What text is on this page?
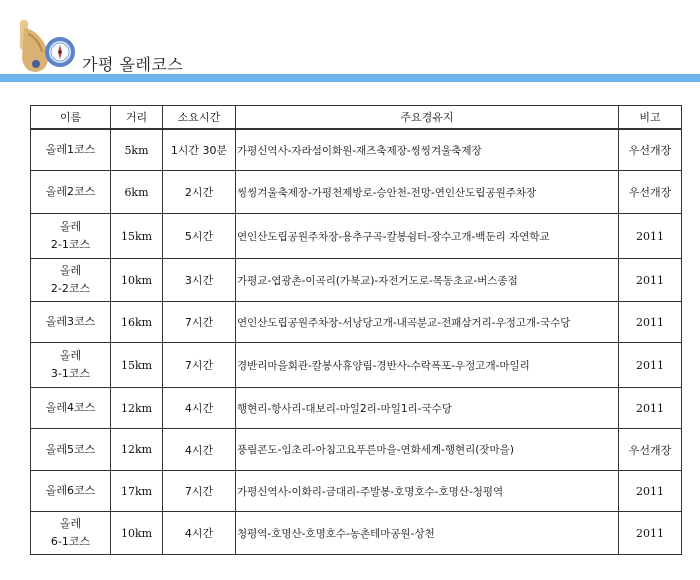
가평 올레코스
이름	거리	소요시간	주요경유지	비고
올레1코스	5km	1시간 30분	가평신역사-자라섬이화원-재즈축제장-씽씽겨울축제장	우선개장
올레2코스	6km	2시간	씽씽겨울축제장-가평천제방로-승안천-전망-연인산도립공원주차장	우선개장
올레
2-1코스	15km	5시간	연인산도립공원주차장-용추구곡-칼봉쉼터-장수고개-백둔리 자연학교	2011
올레
2-2코스	10km	3시간	가평교-엽광촌-이곡리(가북교)-자전거도로-목동초교-버스종점	2011
올레3코스	16km	7시간	연인산도립공원주차장-서낭당고개-내곡분교-전패삼거리-우정고개-국수당	2011
올레
3-1코스	15km	7시간	경반리마을회관-칼봉사휴양림-경반사-수락폭포-우정고개-마일리	2011
올레4코스	12km	4시간	행현리-항사리-대보리-마일2리-마일1리-국수당	2011
올레5코스	12km	4시간	풍림콘도-임초리-아침고요푸른마을-연화세계-행현리(잣마을)	우선개장
올레6코스	17km	7시간	가평신역사-이화리-금대리-주발봉-호명호수-호명산-청평역	2011
올레
6-1코스	10km	4시간	청평역-호명산-호명호수-농촌테마공원-상천	2011
